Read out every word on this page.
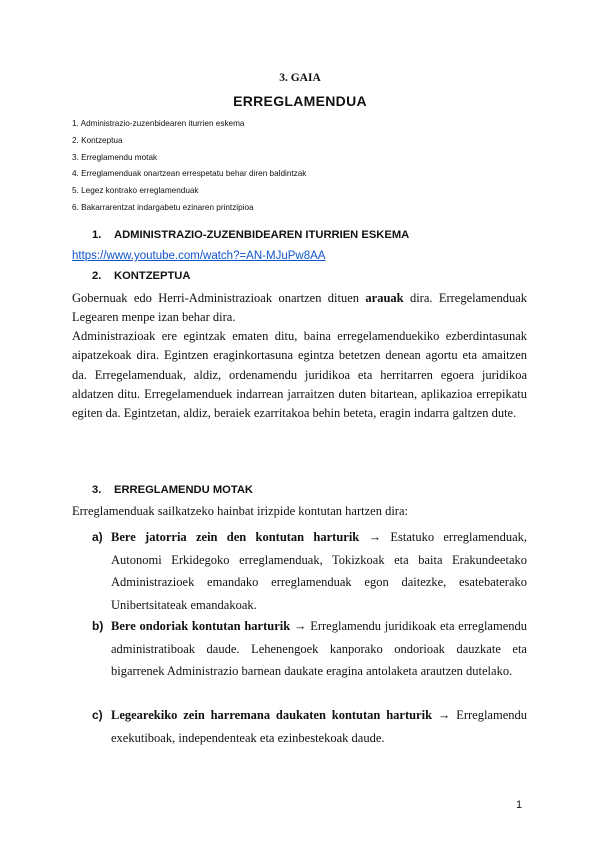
3. GAIA
ERREGLAMENDUA
1. Administrazio-zuzenbidearen iturrien eskema
2. Kontzeptua
3. Erreglamendu motak
4. Erreglamenduak onartzean errespetatu behar diren baldintzak
5. Legez kontrako erreglamenduak
6. Bakarrarentzat indargabetu ezinaren printzipioa
1. ADMINISTRAZIO-ZUZENBIDEAREN ITURRIEN ESKEMA
https://www.youtube.com/watch?=AN-MJuPw8AA
2. KONTZEPTUA

Gobernuak edo Herri-Administrazioak onartzen dituen arauak dira. Erregelamenduak Legearen menpe izan behar dira.

Administrazioak ere egintzak ematen ditu, baina erregelamenduekiko ezberdintasunak aipatzekoak dira. Egintzen eraginkortasuna egintza betetzen denean agortu eta amaitzen da. Erregelamenduak, aldiz, ordenamendu juridikoa eta herritarren egoera juridikoa aldatzen ditu. Erregelamenduek indarrean jarraitzen duten bitartean, aplikazioa errepikatu egiten da. Egintzetan, aldiz, beraiek ezarritakoa behin beteta, eragin indarra galtzen dute.

3. ERREGLAMENDU MOTAK

Erreglamenduak sailkatzeko hainbat irizpide kontutan hartzen dira:

a) Bere jatorria zein den kontutan harturik → Estatuko erreglamenduak, Autonomi Erkidegoko erreglamenduak, Tokizkoak eta baita Erakundeetako Administrazioek emandako erreglamenduak egon daitezke, esatebaterako Unibertsitateak emandakoak.
b) Bere ondoriak kontutan harturik → Erreglamendu juridikoak eta erreglamendu administratiboak daude. Lehenengoek kanporako ondorioak dauzkate eta bigarrenek Administrazio barnean daukate eragina antolaketa arautzen dutelako.
c) Legearekiko zein harremana daukaten kontutan harturik → Erreglamendu exekutiboak, independenteak eta ezinbestekoak daude.
1
